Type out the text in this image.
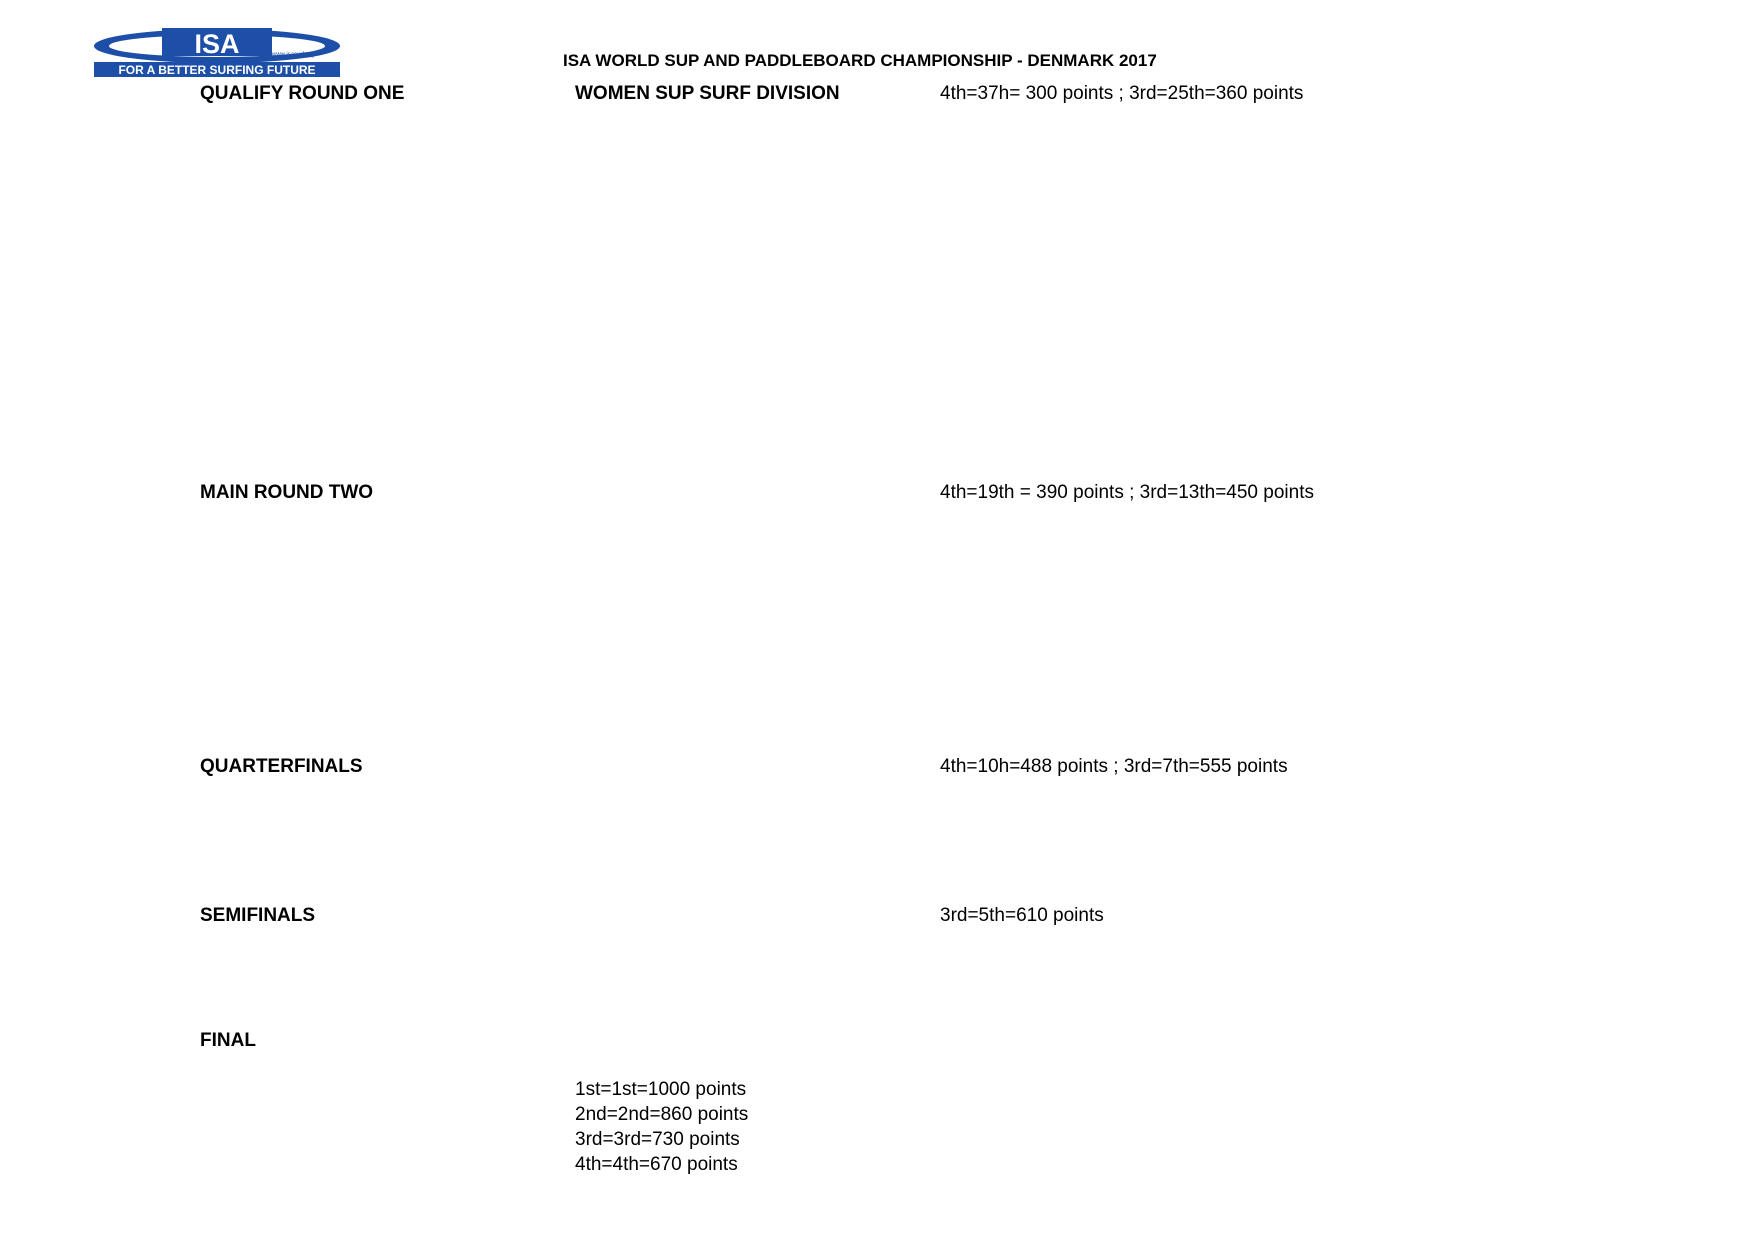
ISA	www.isasurf.org
FOR A BETTER SURFING FUTURE	ISA WORLD SUP AND PADDLEBOARD CHAMPIONSHIP - DENMARK 2017
QUALIFY ROUND ONE	WOMEN SUP SURF DIVISION	4th=37h= 300 points ; 3rd=25th=360 points
MAIN ROUND TWO	4th=19th = 390 points ; 3rd=13th=450 points
QUARTERFINALS	4th=10h=488 points ; 3rd=7th=555 points
SEMIFINALS	3rd=5th=610 points
FINAL
1st=1st=1000 points
2nd=2nd=860 points
3rd=3rd=730 points
4th=4th=670 points
